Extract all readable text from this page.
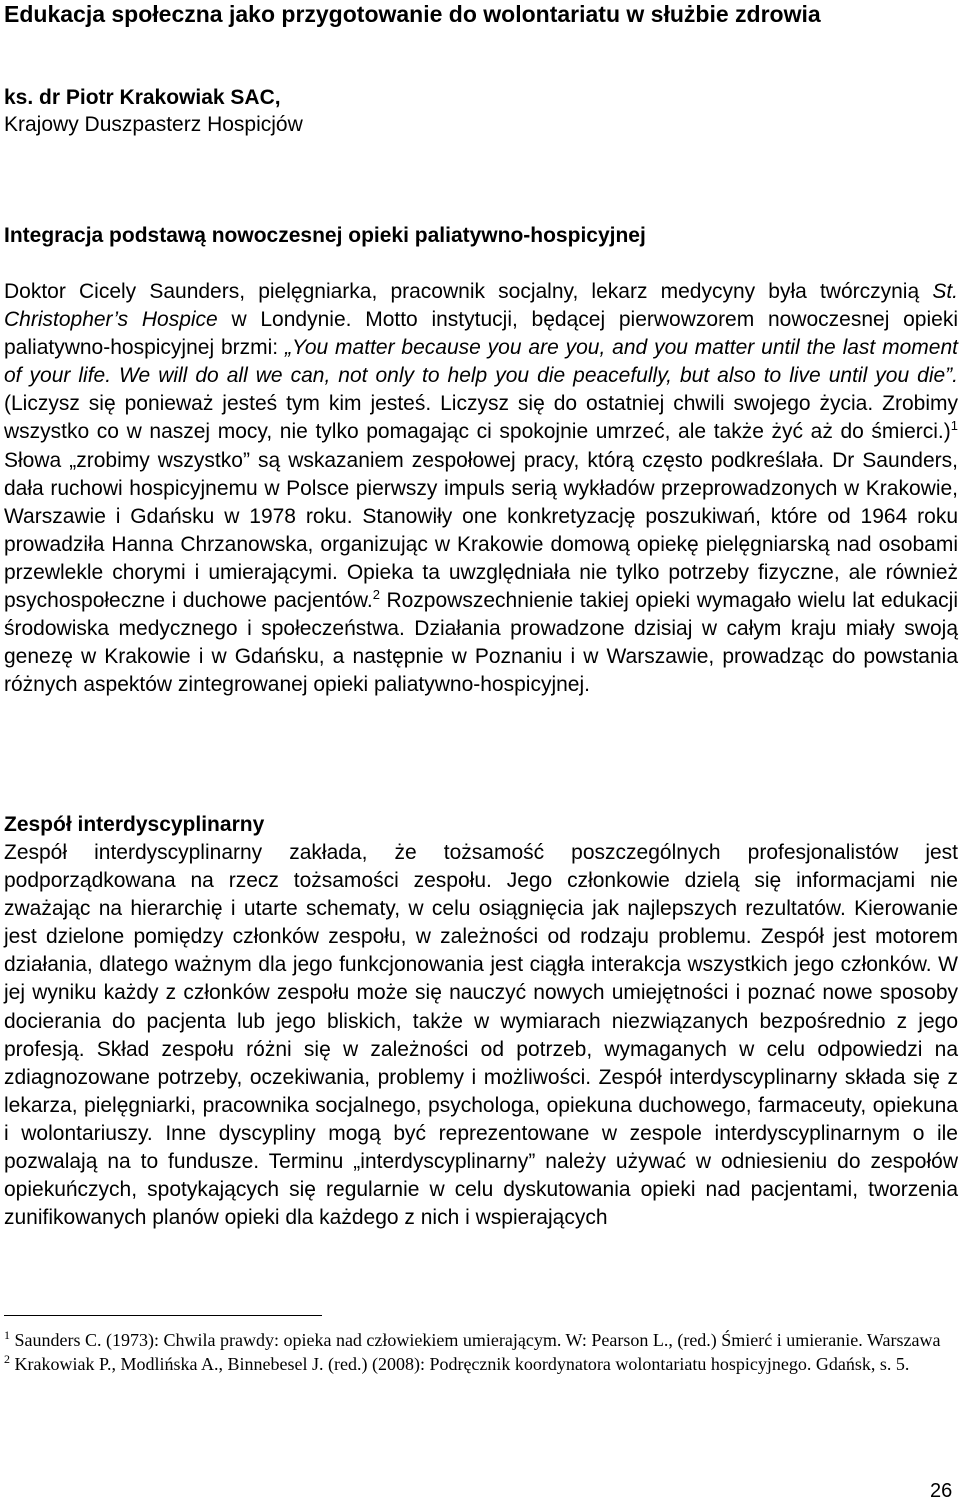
Edukacja społeczna jako przygotowanie do wolontariatu w służbie zdrowia
ks. dr Piotr Krakowiak SAC,
Krajowy Duszpasterz Hospicjów
Integracja podstawą nowoczesnej opieki paliatywno-hospicyjnej

Doktor Cicely Saunders, pielęgniarka, pracownik socjalny, lekarz medycyny była twórczynią St. Christopher’s Hospice w Londynie. Motto instytucji, będącej pierwowzorem nowoczesnej opieki paliatywno-hospicyjnej brzmi: „You matter because you are you, and you matter until the last moment of your life. We will do all we can, not only to help you die peacefully, but also to live until you die”.(Liczysz się ponieważ jesteś tym kim jesteś. Liczysz się do ostatniej chwili swojego życia. Zrobimy wszystko co w naszej mocy, nie tylko pomagając ci spokojnie umrzeć, ale także żyć aż do śmierci.)$^1$ Słowa „zrobimy wszystko” są wskazaniem zespołowej pracy, którą często podkreślała. Dr Saunders, dała ruchowi hospicyjnemu w Polsce pierwszy impuls serią wykładów przeprowadzonych w Krakowie, Warszawie i Gdańsku w 1978 roku. Stanowiły one konkretyzację poszukiwań, które od 1964 roku prowadziła Hanna Chrzanowska, organizując w Krakowie domową opiekę pielęgniarską nad osobami przewlekle chorymi i umierającymi. Opieka ta uwzględniała nie tylko potrzeby fizyczne, ale również psychospołeczne i duchowe pacjentów.$^2$ Rozpowszechnienie takiej opieki wymagało wielu lat edukacji środowiska medycznego i społeczeństwa. Działania prowadzone dzisiaj w całym kraju miały swoją genezę w Krakowie i w Gdańsku, a następnie w Poznaniu i w Warszawie, prowadząc do powstania różnych aspektów zintegrowanej opieki paliatywno-hospicyjnej.

Zespół interdyscyplinarny

Zespół interdyscyplinarny zakłada, że tożsamość poszczególnych profesjonalistów jest podporządkowana na rzecz tożsamości zespołu. Jego członkowie dzielą się informacjami nie zważając na hierarchię i utarte schematy, w celu osiągnięcia jak najlepszych rezultatów. Kierowanie jest dzielone pomiędzy członków zespołu, w zależności od rodzaju problemu. Zespół jest motorem działania, dlatego ważnym dla jego funkcjonowania jest ciągła interakcja wszystkich jego członków. W jej wyniku każdy z członków zespołu może się nauczyć nowych umiejętności i poznać nowe sposoby docierania do pacjenta lub jego bliskich, także w wymiarach niezwiązanych bezpośrednio z jego profesją. Skład zespołu różni się w zależności od potrzeb, wymaganych w celu odpowiedzi na zdiagnozowane potrzeby, oczekiwania, problemy i możliwości. Zespół interdyscyplinarny składa się z lekarza, pielęgniarki, pracownika socjalnego, psychologa, opiekuna duchowego, farmaceuty, opiekuna i wolontariuszy. Inne dyscypliny mogą być reprezentowane w zespole interdyscyplinarnym o ile pozwalają na to fundusze. Terminu „interdyscyplinarny” należy używać w odniesieniu do zespołów opiekuńczych, spotykających się regularnie w celu dyskutowania opieki nad pacjentami, tworzenia zunifikowanych planów opieki dla każdego z nich i wspierających

$^1$ Saunders C. (1973): Chwila prawdy: opieka nad człowiekiem umierającym. W: Pearson L., (red.) Śmierć i umieranie. Warszawa

$^2$ Krakowiak P., Modlińska A., Binnebesel J. (red.) (2008): Podręcznik koordynatora wolontariatu hospicyjnego. Gdańsk, s. 5.

26
